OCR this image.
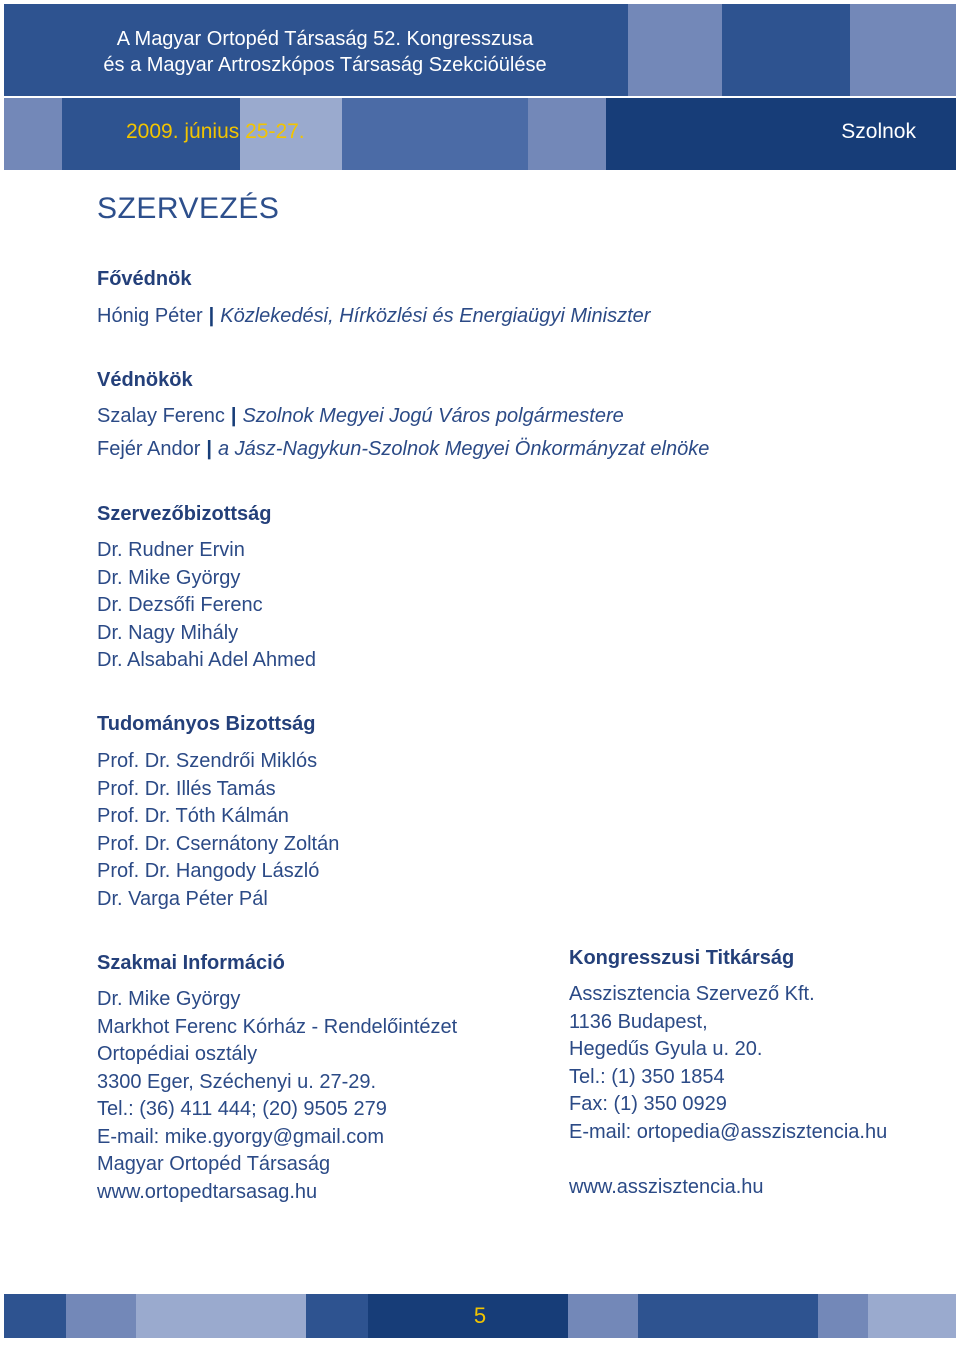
A Magyar Ortopéd Társaság 52. Kongresszusa
és a Magyar Artroszkópos Társaság Szekcióülése
2009. június 25-27.	Szolnok
SZERVEZÉS
Fővédnök
Hónig Péter | Közlekedési, Hírközlési és Energiaügyi Miniszter
Védnökök
Szalay Ferenc | Szolnok Megyei Jogú Város polgármestere
Fejér Andor | a Jász-Nagykun-Szolnok Megyei Önkormányzat elnöke
Szervezőbizottság
Dr. Rudner Ervin
Dr. Mike György
Dr. Dezsőfi Ferenc
Dr. Nagy Mihály
Dr. Alsabahi Adel Ahmed
Tudományos Bizottság
Prof. Dr. Szendrői Miklós
Prof. Dr. Illés Tamás
Prof. Dr. Tóth Kálmán
Prof. Dr. Csernátony Zoltán
Prof. Dr. Hangody László
Dr. Varga Péter Pál
Szakmai Információ
Dr. Mike György
Markhot Ferenc Kórház - Rendelőintézet
Ortopédiai osztály
3300 Eger, Széchenyi u. 27-29.
Tel.: (36) 411 444; (20) 9505 279
E-mail: mike.gyorgy@gmail.com
Magyar Ortopéd Társaság
www.ortopedtarsasag.hu
Kongresszusi Titkárság
Asszisztencia Szervező Kft.
1136 Budapest,
Hegedűs Gyula u. 20.
Tel.: (1) 350 1854
Fax: (1) 350 0929
E-mail: ortopedia@asszisztencia.hu
www.asszisztencia.hu
5
